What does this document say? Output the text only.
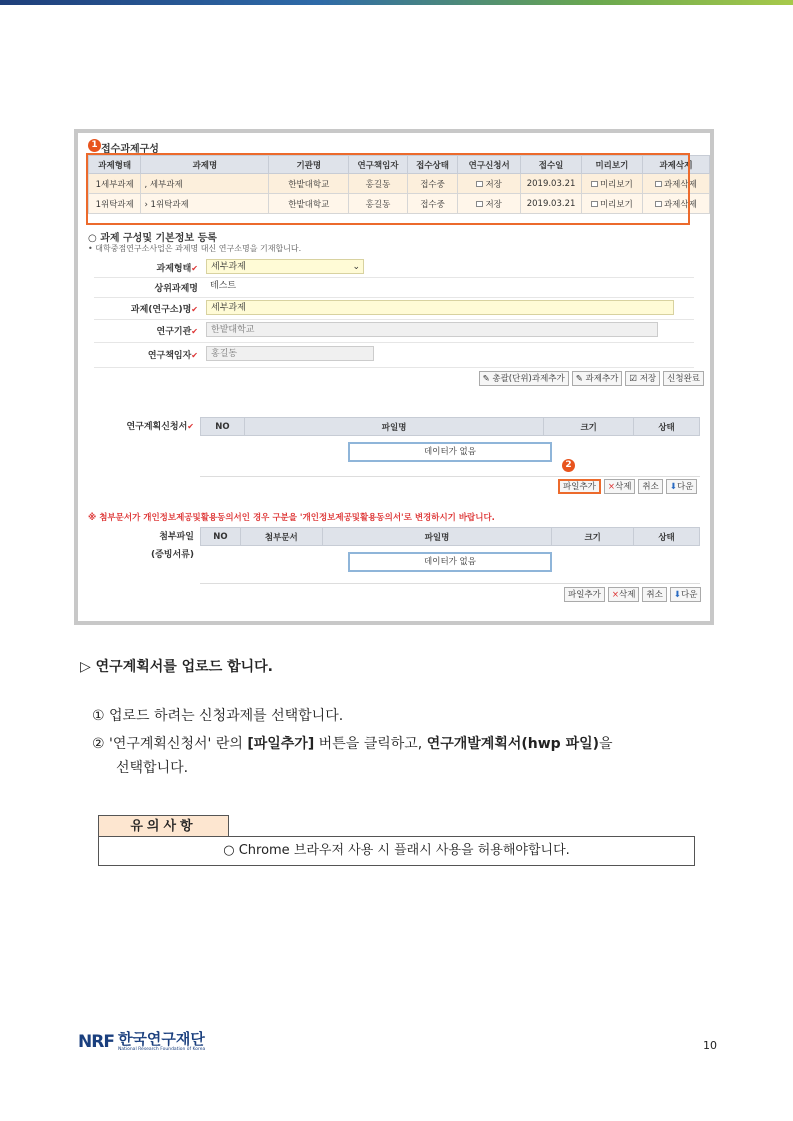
1 접수과제구성
과제형태	과제명	기관명	연구책임자	접수상태	연구신청서	접수일	미리보기	과제삭제
1세부과제	, 세부과제	한밭대학교	홍길동	접수중	저장	2019.03.21	미리보기	과제삭제
1위탁과제	› 1위탁과제	한밭대학교	홍길동	접수중	저장	2019.03.21	미리보기	과제삭제
○ 과제 구성및 기본정보 등록
• 대학중점연구소사업은 과제명 대신 연구소명을 기재합니다.
과제형태✔	세부과제	⌄
상위과제명	테스트
과제(연구소)명✔	세부과제
연구기관✔	한밭대학교
연구책임자✔	홍길동
✎ 총괄(단위)과제추가	✎ 과제추가	☑ 저장	신청완료
연구계획신청서✔	NO	파일명	크기	상태
데이터가 없음
2
파일추가	×삭제	취소	⬇다운
※ 첨부문서가 개인정보제공및활용동의서인 경우 구분을 '개인정보제공및활용동의서'로 변경하시기 바랍니다.
첨부파일
(증빙서류)
NO	첨부문서	파일명	크기	상태
데이터가 없음
파일추가	×삭제	취소	⬇다운
▷ 연구계획서를 업로드 합니다.
① 업로드 하려는 신청과제를 선택합니다.
② '연구계획신청서' 란의 [파일추가] 버튼을 클릭하고, 연구개발계획서(hwp 파일)을
선택합니다.
유의사항
○ Chrome 브라우저 사용 시 플래시 사용을 허용해야합니다.
NRF 한국연구재단
National Research Foundation of Korea	10
